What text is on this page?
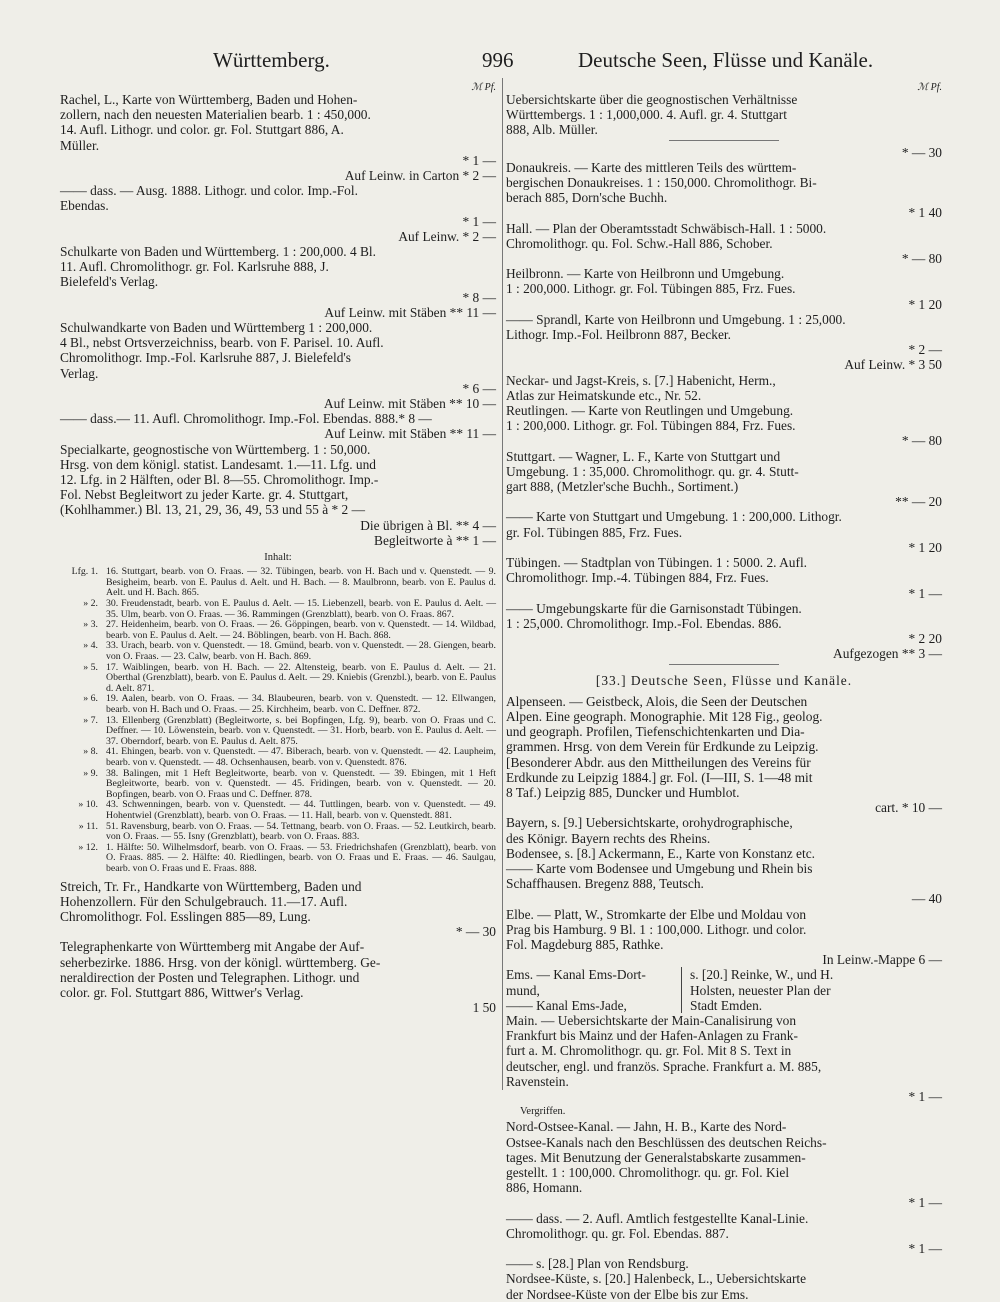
Württemberg.	996	Deutsche Seen, Flüsse und Kanäle.
ℳ Pf.
Rachel, L., Karte von Württemberg, Baden und Hohen-
zollern, nach den neuesten Materialien bearb. 1 : 450,000.
14. Aufl. Lithogr. und color. gr. Fol. Stuttgart 886, A.
Müller.
* 1 —
Auf Leinw. in Carton * 2 —
—— dass. — Ausg. 1888. Lithogr. und color. Imp.-Fol.
Ebendas.
* 1 —
Auf Leinw. * 2 —
Schulkarte von Baden und Württemberg. 1 : 200,000. 4 Bl.
11. Aufl. Chromolithogr. gr. Fol. Karlsruhe 888, J.
Bielefeld's Verlag.
* 8 —
Auf Leinw. mit Stäben ** 11 —
Schulwandkarte von Baden und Württemberg 1 : 200,000.
4 Bl., nebst Ortsverzeichniss, bearb. von F. Parisel. 10. Aufl.
Chromolithogr. Imp.-Fol. Karlsruhe 887, J. Bielefeld's
Verlag.
* 6 —
Auf Leinw. mit Stäben ** 10 —
—— dass.— 11. Aufl. Chromolithogr. Imp.-Fol. Ebendas. 888.* 8 —
Auf Leinw. mit Stäben ** 11 —
Specialkarte, geognostische von Württemberg. 1 : 50,000.
Hrsg. von dem königl. statist. Landesamt. 1.—11. Lfg. und
12. Lfg. in 2 Hälften, oder Bl. 8—55. Chromolithogr. Imp.-
Fol. Nebst Begleitwort zu jeder Karte. gr. 4. Stuttgart,
(Kohlhammer.) Bl. 13, 21, 29, 36, 49, 53 und 55 à * 2 —
Die übrigen à Bl. ** 4 —
Begleitworte à ** 1 —
Inhalt:
Lfg. 1. 16. Stuttgart, bearb. von O. Fraas. — 32. Tübingen, bearb. von H. Bach und v. Quenstedt. — 9. Besigheim, bearb. von E. Paulus d. Aelt. und H. Bach. — 8. Maulbronn, bearb. von E. Paulus d. Aelt. und H. Bach. 865.
» 2. 30. Freudenstadt, bearb. von E. Paulus d. Aelt. — 15. Liebenzell, bearb. von E. Paulus d. Aelt. — 35. Ulm, bearb. von O. Fraas. — 36. Rammingen (Grenzblatt), bearb. von O. Fraas. 867.
» 3. 27. Heidenheim, bearb. von O. Fraas. — 26. Göppingen, bearb. von v. Quenstedt. — 14. Wildbad, bearb. von E. Paulus d. Aelt. — 24. Böblingen, bearb. von H. Bach. 868.
» 4. 33. Urach, bearb. von v. Quenstedt. — 18. Gmünd, bearb. von v. Quenstedt. — 28. Giengen, bearb. von O. Fraas. — 23. Calw, bearb. von H. Bach. 869.
» 5. 17. Waiblingen, bearb. von H. Bach. — 22. Altensteig, bearb. von E. Paulus d. Aelt. — 21. Oberthal (Grenzblatt), bearb. von E. Paulus d. Aelt. — 29. Kniebis (Grenzbl.), bearb. von E. Paulus d. Aelt. 871.
» 6. 19. Aalen, bearb. von O. Fraas. — 34. Blaubeuren, bearb. von v. Quenstedt. — 12. Ellwangen, bearb. von H. Bach und O. Fraas. — 25. Kirchheim, bearb. von C. Deffner. 872.
» 7. 13. Ellenberg (Grenzblatt) (Begleitworte, s. bei Bopfingen, Lfg. 9), bearb. von O. Fraas und C. Deffner. — 10. Löwenstein, bearb. von v. Quenstedt. — 31. Horb, bearb. von E. Paulus d. Aelt. — 37. Oberndorf, bearb. von E. Paulus d. Aelt. 875.
» 8. 41. Ehingen, bearb. von v. Quenstedt. — 47. Biberach, bearb. von v. Quenstedt. — 42. Laupheim, bearb. von v. Quenstedt. — 48. Ochsenhausen, bearb. von v. Quenstedt. 876.
» 9. 38. Balingen, mit 1 Heft Begleitworte, bearb. von v. Quenstedt. — 39. Ebingen, mit 1 Heft Begleitworte, bearb. von v. Quenstedt. — 45. Fridingen, bearb. von v. Quenstedt. — 20. Bopfingen, bearb. von O. Fraas und C. Deffner. 878.
» 10. 43. Schwenningen, bearb. von v. Quenstedt. — 44. Tuttlingen, bearb. von v. Quenstedt. — 49. Hohentwiel (Grenzblatt), bearb. von O. Fraas. — 11. Hall, bearb. von v. Quenstedt. 881.
» 11. 51. Ravensburg, bearb. von O. Fraas. — 54. Tettnang, bearb. von O. Fraas. — 52. Leutkirch, bearb. von O. Fraas. — 55. Isny (Grenzblatt), bearb. von O. Fraas. 883.
» 12. 1. Hälfte: 50. Wilhelmsdorf, bearb. von O. Fraas. — 53. Friedrichshafen (Grenzblatt), bearb. von O. Fraas. 885. — 2. Hälfte: 40. Riedlingen, bearb. von O. Fraas und E. Fraas. — 46. Saulgau, bearb. von O. Fraas und E. Fraas. 888.
Streich, Tr. Fr., Handkarte von Württemberg, Baden und
Hohenzollern. Für den Schulgebrauch. 11.—17. Aufl.
Chromolithogr. Fol. Esslingen 885—89, Lung.
* — 30
Telegraphenkarte von Württemberg mit Angabe der Auf-
seherbezirke. 1886. Hrsg. von der königl. württemberg. Ge-
neraldirection der Posten und Telegraphen. Lithogr. und
color. gr. Fol. Stuttgart 886, Wittwer's Verlag.
1 50
ℳ Pf.
Uebersichtskarte über die geognostischen Verhältnisse
Württembergs. 1 : 1,000,000. 4. Aufl. gr. 4. Stuttgart
888, Alb. Müller.
* — 30
Donaukreis. — Karte des mittleren Teils des württem-
bergischen Donaukreises. 1 : 150,000. Chromolithogr. Bi-
berach 885, Dorn'sche Buchh.
* 1 40
Hall. — Plan der Oberamtsstadt Schwäbisch-Hall. 1 : 5000.
Chromolithogr. qu. Fol. Schw.-Hall 886, Schober.
* — 80
Heilbronn. — Karte von Heilbronn und Umgebung.
1 : 200,000. Lithogr. gr. Fol. Tübingen 885, Frz. Fues.
* 1 20
—— Sprandl, Karte von Heilbronn und Umgebung. 1 : 25,000.
Lithogr. Imp.-Fol. Heilbronn 887, Becker.
* 2 —
Auf Leinw. * 3 50
Neckar- und Jagst-Kreis, s. [7.] Habenicht, Herm.,
Atlas zur Heimatskunde etc., Nr. 52.
Reutlingen. — Karte von Reutlingen und Umgebung.
1 : 200,000. Lithogr. gr. Fol. Tübingen 884, Frz. Fues.
* — 80
Stuttgart. — Wagner, L. F., Karte von Stuttgart und
Umgebung. 1 : 35,000. Chromolithogr. qu. gr. 4. Stutt-
gart 888, (Metzler'sche Buchh., Sortiment.)
** — 20
—— Karte von Stuttgart und Umgebung. 1 : 200,000. Lithogr.
gr. Fol. Tübingen 885, Frz. Fues.
* 1 20
Tübingen. — Stadtplan von Tübingen. 1 : 5000. 2. Aufl.
Chromolithogr. Imp.-4. Tübingen 884, Frz. Fues.
* 1 —
—— Umgebungskarte für die Garnisonstadt Tübingen.
1 : 25,000. Chromolithogr. Imp.-Fol. Ebendas. 886.
* 2 20
Aufgezogen ** 3 —
[33.] Deutsche Seen, Flüsse und Kanäle.
Alpenseen. — Geistbeck, Alois, die Seen der Deutschen
Alpen. Eine geograph. Monographie. Mit 128 Fig., geolog.
und geograph. Profilen, Tiefenschichtenkarten und Dia-
grammen. Hrsg. von dem Verein für Erdkunde zu Leipzig.
[Besonderer Abdr. aus den Mittheilungen des Vereins für
Erdkunde zu Leipzig 1884.] gr. Fol. (I—III, S. 1—48 mit
8 Taf.) Leipzig 885, Duncker und Humblot.
cart. * 10 —
Bayern, s. [9.] Uebersichtskarte, orohydrographische,
des Königr. Bayern rechts des Rheins.
Bodensee, s. [8.] Ackermann, E., Karte von Konstanz etc.
—— Karte vom Bodensee und Umgebung und Rhein bis
Schaffhausen. Bregenz 888, Teutsch.
— 40
Elbe. — Platt, W., Stromkarte der Elbe und Moldau von
Prag bis Hamburg. 9 Bl. 1 : 100,000. Lithogr. und color.
Fol. Magdeburg 885, Rathke.
In Leinw.-Mappe 6 —
Ems. — Kanal Ems-Dort-
mund,
—— Kanal Ems-Jade,
s. [20.] Reinke, W., und H.
Holsten, neuester Plan der
Stadt Emden.
Main. — Uebersichtskarte der Main-Canalisirung von
Frankfurt bis Mainz und der Hafen-Anlagen zu Frank-
furt a. M. Chromolithogr. qu. gr. Fol. Mit 8 S. Text in
deutscher, engl. und französ. Sprache. Frankfurt a. M. 885,
Ravenstein.
* 1 —
Vergriffen.
Nord-Ostsee-Kanal. — Jahn, H. B., Karte des Nord-
Ostsee-Kanals nach den Beschlüssen des deutschen Reichs-
tages. Mit Benutzung der Generalstabskarte zusammen-
gestellt. 1 : 100,000. Chromolithogr. qu. gr. Fol. Kiel
886, Homann.
* 1 —
—— dass. — 2. Aufl. Amtlich festgestellte Kanal-Linie.
Chromolithogr. qu. gr. Fol. Ebendas. 887.
* 1 —
—— s. [28.] Plan von Rendsburg.
Nordsee-Küste, s. [20.] Halenbeck, L., Uebersichtskarte
der Nordsee-Küste von der Elbe bis zur Ems.
